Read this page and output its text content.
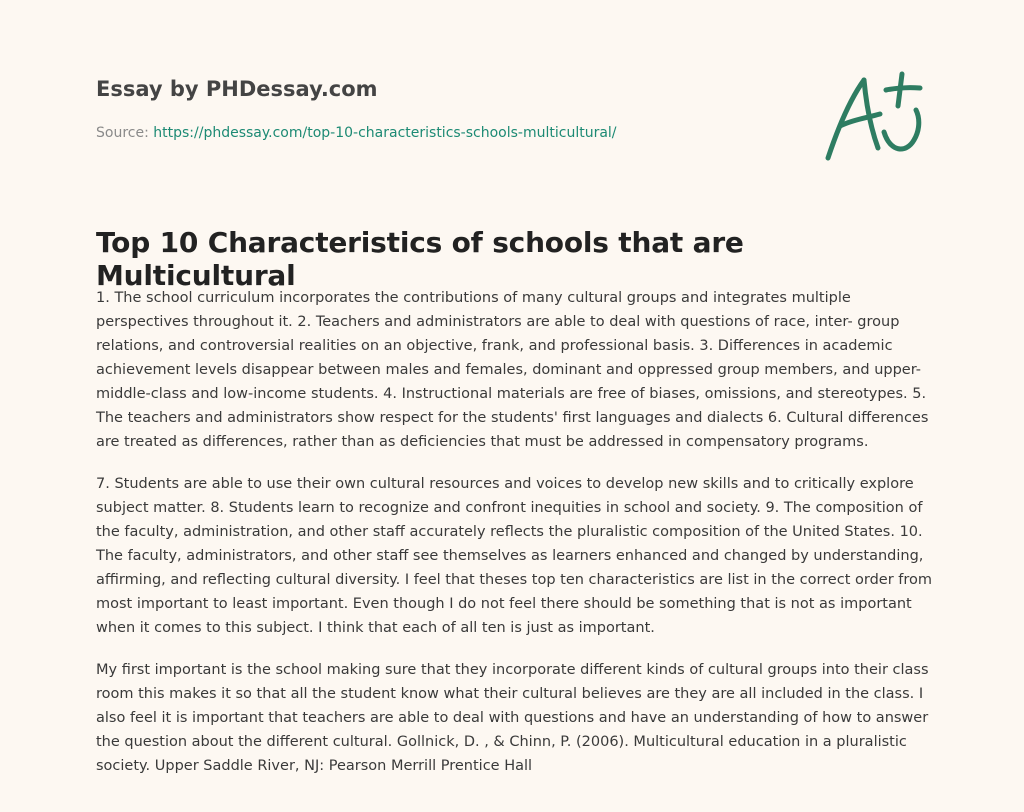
Essay by PHDessay.com
Source: https://phdessay.com/top-10-characteristics-schools-multicultural/
Top 10 Characteristics of schools that are Multicultural

1. The school curriculum incorporates the contributions of many cultural groups and integrates multiple perspectives throughout it. 2. Teachers and administrators are able to deal with questions of race, inter- group relations, and controversial realities on an objective, frank, and professional basis. 3. Differences in academic achievement levels disappear between males and females, dominant and oppressed group members, and upper-middle-class and low-income students. 4. Instructional materials are free of biases, omissions, and stereotypes. 5. The teachers and administrators show respect for the students' first languages and dialects 6. Cultural differences are treated as differences, rather than as deficiencies that must be addressed in compensatory programs.

7. Students are able to use their own cultural resources and voices to develop new skills and to critically explore subject matter. 8. Students learn to recognize and confront inequities in school and society. 9. The composition of the faculty, administration, and other staff accurately reflects the pluralistic composition of the United States. 10. The faculty, administrators, and other staff see themselves as learners enhanced and changed by understanding, affirming, and reflecting cultural diversity. I feel that theses top ten characteristics are list in the correct order from most important to least important. Even though I do not feel there should be something that is not as important when it comes to this subject. I think that each of all ten is just as important.

My first important is the school making sure that they incorporate different kinds of cultural groups into their class room this makes it so that all the student know what their cultural believes are they are all included in the class. I also feel it is important that teachers are able to deal with questions and have an understanding of how to answer the question about the different cultural. Gollnick, D. , & Chinn, P. (2006). Multicultural education in a pluralistic society. Upper Saddle River, NJ: Pearson Merrill Prentice Hall
